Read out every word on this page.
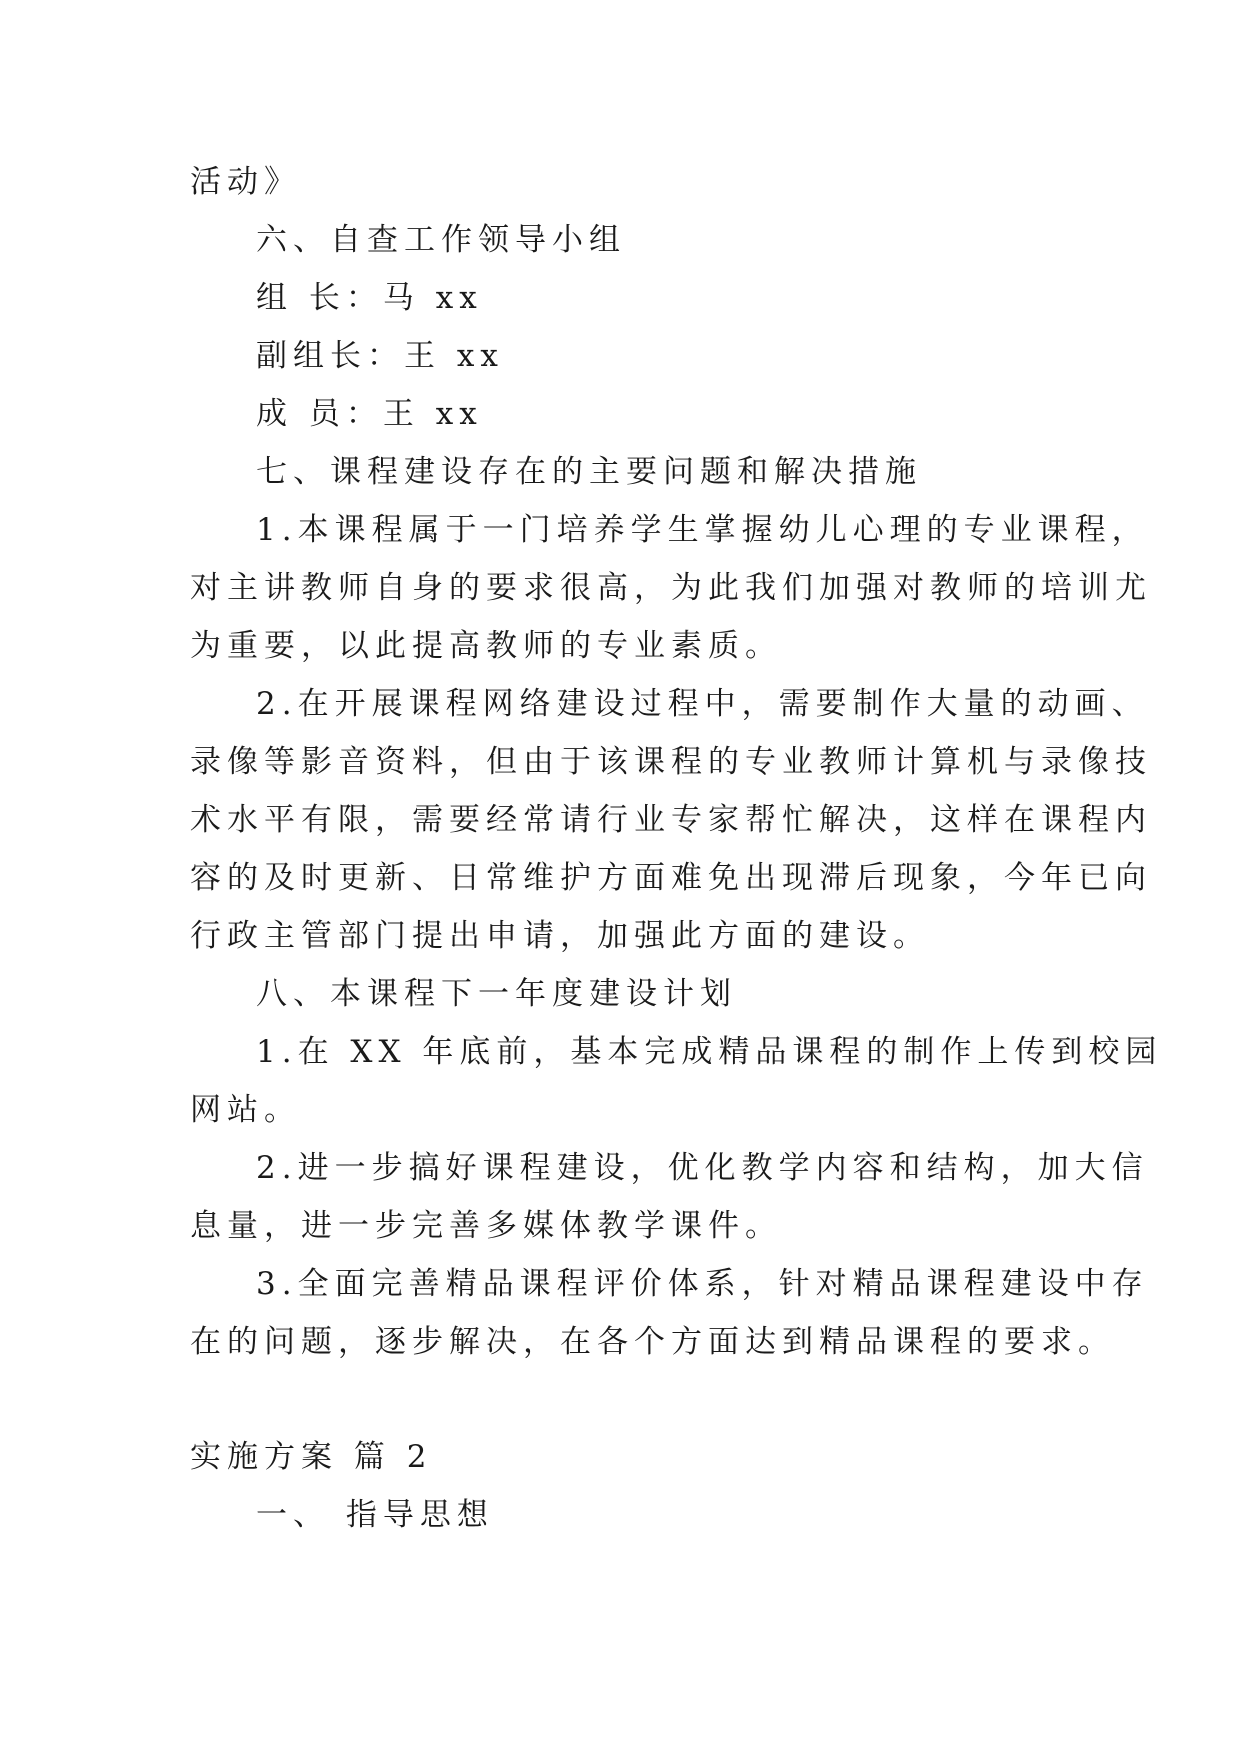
活动》
六、自查工作领导小组
组 长：马 xx
副组长：王 xx
成 员：王 xx
七、课程建设存在的主要问题和解决措施
1.本课程属于一门培养学生掌握幼儿心理的专业课程，
对主讲教师自身的要求很高，为此我们加强对教师的培训尤
为重要，以此提高教师的专业素质。
2.在开展课程网络建设过程中，需要制作大量的动画、
录像等影音资料，但由于该课程的专业教师计算机与录像技
术水平有限，需要经常请行业专家帮忙解决，这样在课程内
容的及时更新、日常维护方面难免出现滞后现象，今年已向
行政主管部门提出申请，加强此方面的建设。
八、本课程下一年度建设计划
1.在 XX 年底前，基本完成精品课程的制作上传到校园
网站。
2.进一步搞好课程建设，优化教学内容和结构，加大信
息量，进一步完善多媒体教学课件。
3.全面完善精品课程评价体系，针对精品课程建设中存
在的问题，逐步解决，在各个方面达到精品课程的要求。
实施方案 篇 2
一、 指导思想
